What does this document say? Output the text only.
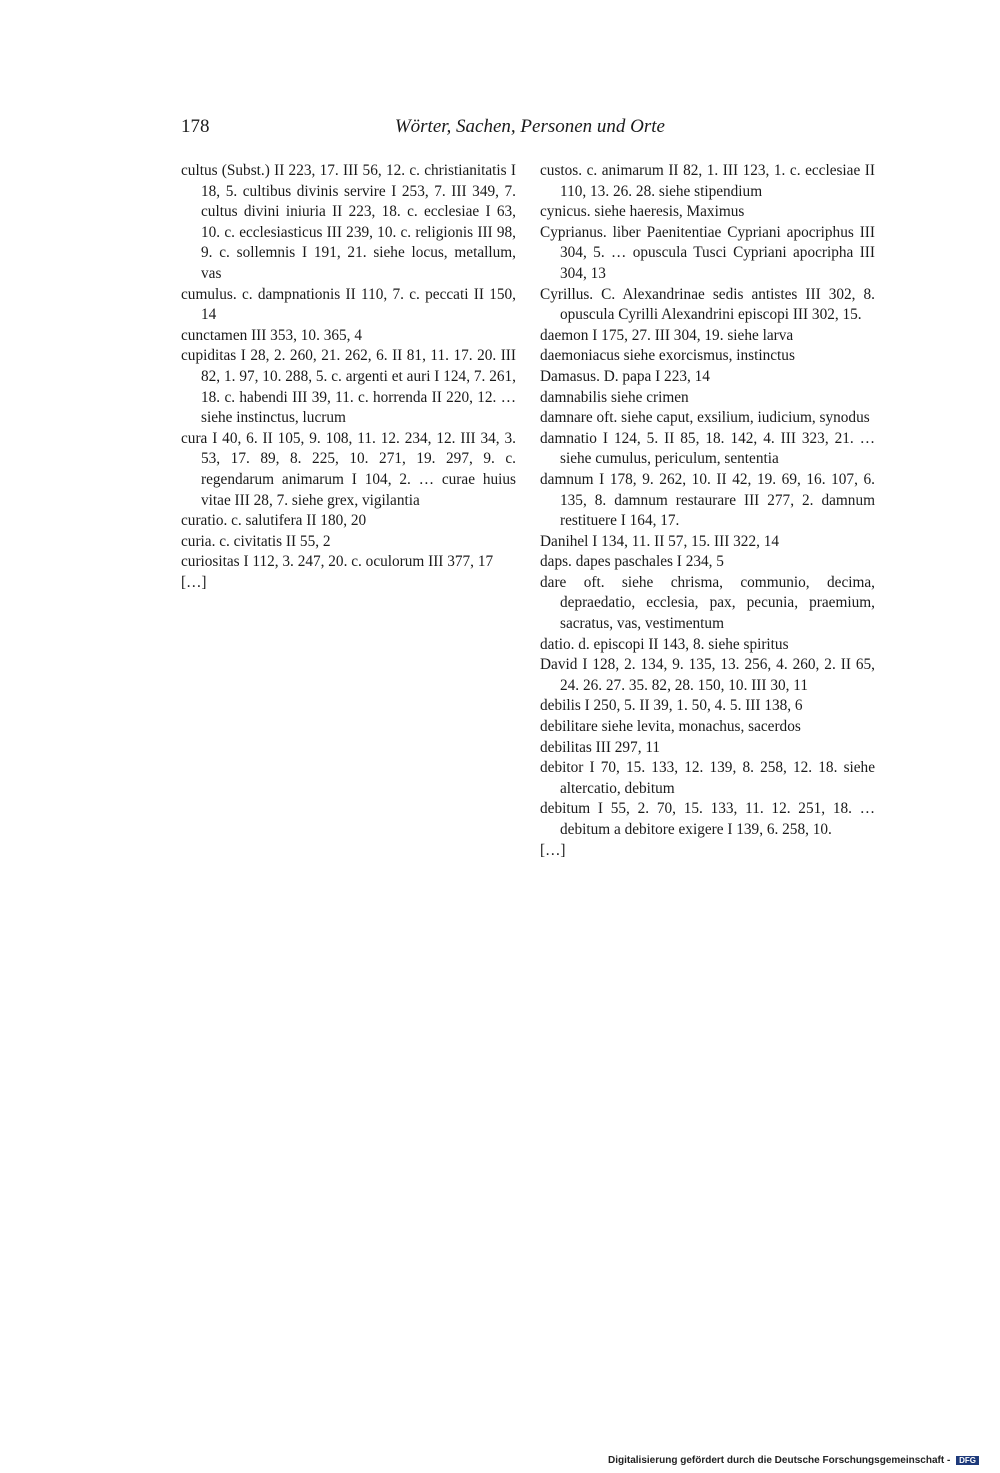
178	Wörter, Sachen, Personen und Orte

cultus (Subst.) II 223, 17. III 56, 12. c. christianitatis I 18, 5. cultibus divinis servire I 253, 7. III 349, 7. cultus divini iniuria II 223, 18. c. ecclesiae I 63, 10. c. ecclesiasticus III 239, 10. c. religionis III 98, 9. c. sollemnis I 191, 21. siehe locus, metallum, vas

cumulus. c. dampnationis II 110, 7. c. peccati II 150, 14

cunctamen III 353, 10. 365, 4

cupiditas I 28, 2. 260, 21. 262, 6. II 81, 11. 17. 20. III 82, 1. 97, 10. 288, 5. c. argenti et auri I 124, 7. 261, 18. c. habendi III 39, 11. c. horrenda II 220, 12. … siehe instinctus, lucrum

cura I 40, 6. II 105, 9. 108, 11. 12. 234, 12. III 34, 3. 53, 17. 89, 8. 225, 10. 271, 19. 297, 9. c. regendarum animarum I 104, 2. … curae huius vitae III 28, 7. siehe grex, vigilantia

curatio. c. salutifera II 180, 20

curia. c. civitatis II 55, 2

curiositas I 112, 3. 247, 20. c. oculorum III 377, 17

[…]

custos. c. animarum II 82, 1. III 123, 1. c. ecclesiae II 110, 13. 26. 28. siehe stipendium

cynicus. siehe haeresis, Maximus

Cyprianus. liber Paenitentiae Cypriani apocriphus III 304, 5. … opuscula Tusci Cypriani apocripha III 304, 13

Cyrillus. C. Alexandrinae sedis antistes III 302, 8. opuscula Cyrilli Alexandrini episcopi III 302, 15.

daemon I 175, 27. III 304, 19. siehe larva

daemoniacus siehe exorcismus, instinctus

Damasus. D. papa I 223, 14

damnabilis siehe crimen

damnare oft. siehe caput, exsilium, iudicium, synodus

damnatio I 124, 5. II 85, 18. 142, 4. III 323, 21. … siehe cumulus, periculum, sententia

damnum I 178, 9. 262, 10. II 42, 19. 69, 16. 107, 6. 135, 8. damnum restaurare III 277, 2. damnum restituere I 164, 17.

Danihel I 134, 11. II 57, 15. III 322, 14

daps. dapes paschales I 234, 5

dare oft. siehe chrisma, communio, decima, depraedatio, ecclesia, pax, pecunia, praemium, sacratus, vas, vestimentum

datio. d. episcopi II 143, 8. siehe spiritus

David I 128, 2. 134, 9. 135, 13. 256, 4. 260, 2. II 65, 24. 26. 27. 35. 82, 28. 150, 10. III 30, 11

debilis I 250, 5. II 39, 1. 50, 4. 5. III 138, 6

debilitare siehe levita, monachus, sacerdos

debilitas III 297, 11

debitor I 70, 15. 133, 12. 139, 8. 258, 12. 18. siehe altercatio, debitum

debitum I 55, 2. 70, 15. 133, 11. 12. 251, 18. … debitum a debitore exigere I 139, 6. 258, 10.

[…]

Digitalisierung gefördert durch die Deutsche Forschungsgemeinschaft - DFG
